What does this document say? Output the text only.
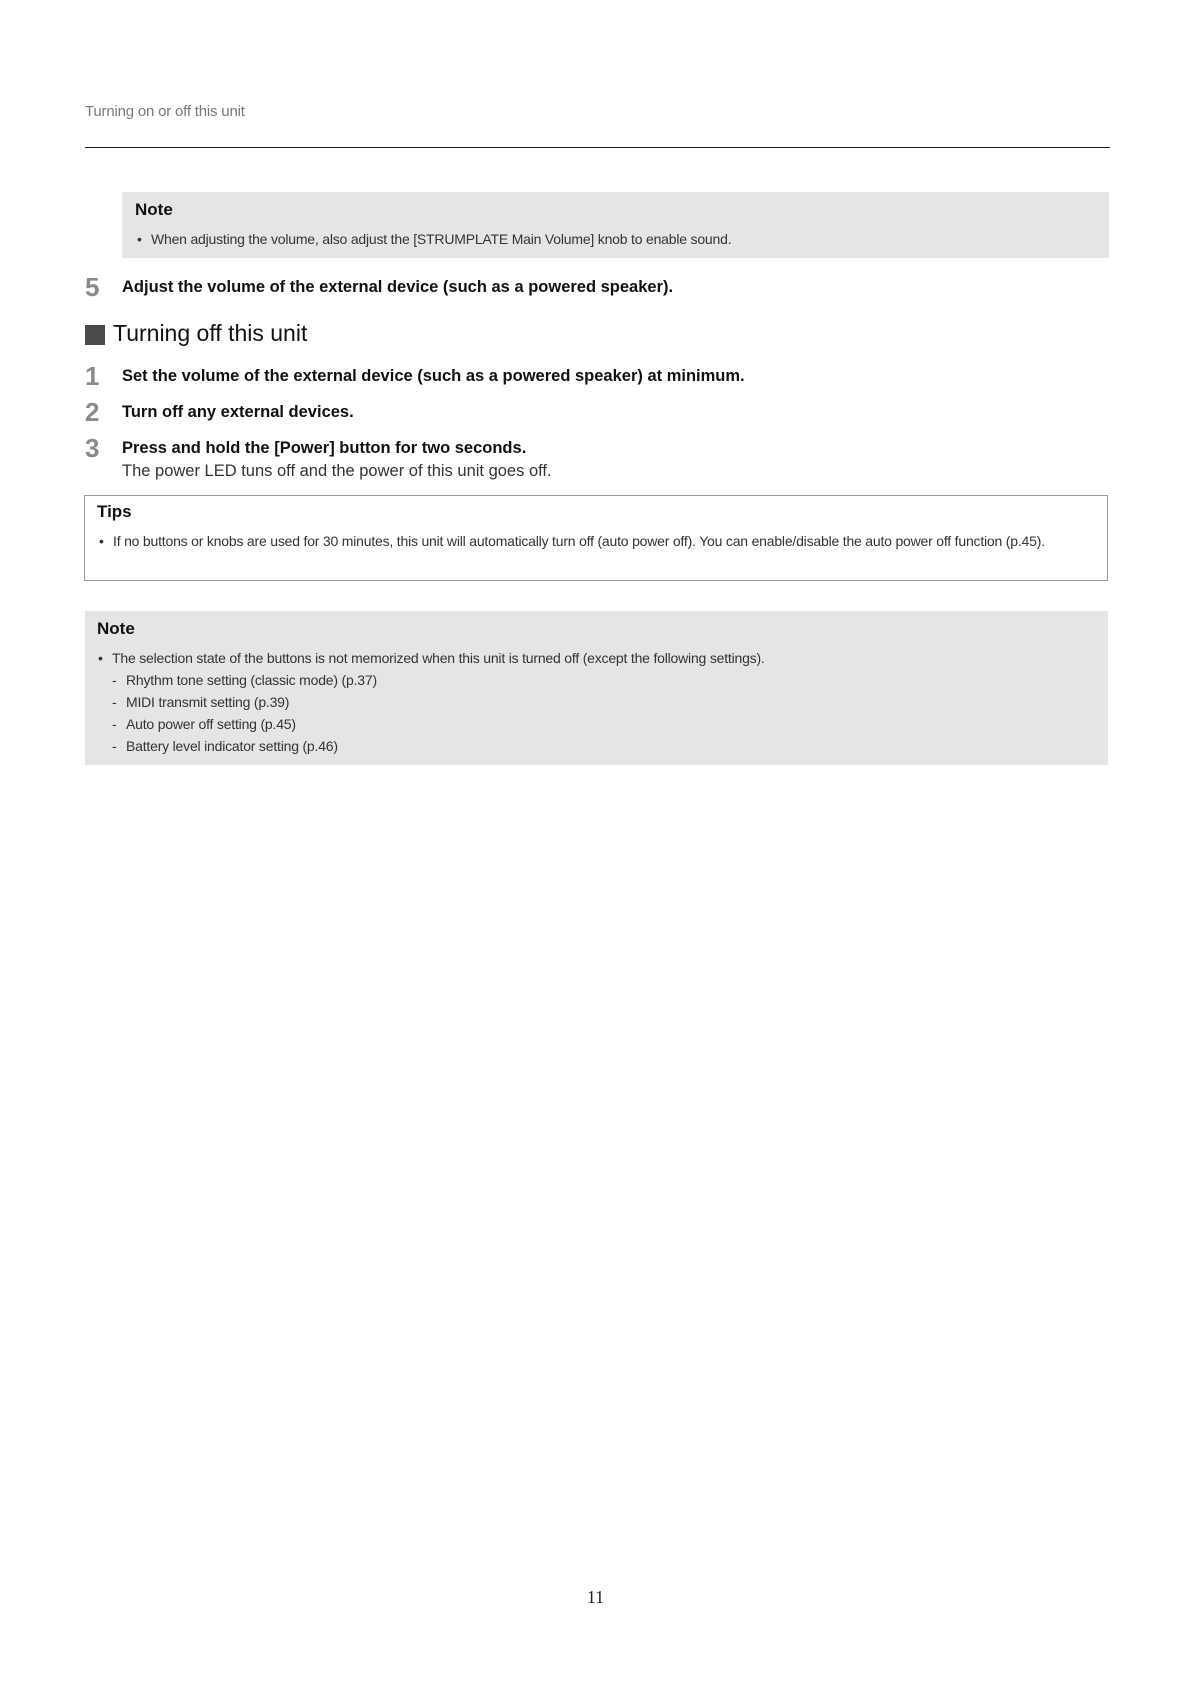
Turning on or off this unit
Note
• When adjusting the volume, also adjust the [STRUMPLATE Main Volume] knob to enable sound.
5 Adjust the volume of the external device (such as a powered speaker).
Turning off this unit
1 Set the volume of the external device (such as a powered speaker) at minimum.
2 Turn off any external devices.
3 Press and hold the [Power] button for two seconds.
The power LED tuns off and the power of this unit goes off.
Tips
• If no buttons or knobs are used for 30 minutes, this unit will automatically turn off (auto power off). You can enable/disable the auto power off function (p.45).
Note
• The selection state of the buttons is not memorized when this unit is turned off (except the following settings).
- Rhythm tone setting (classic mode) (p.37)
- MIDI transmit setting (p.39)
- Auto power off setting (p.45)
- Battery level indicator setting (p.46)
11
